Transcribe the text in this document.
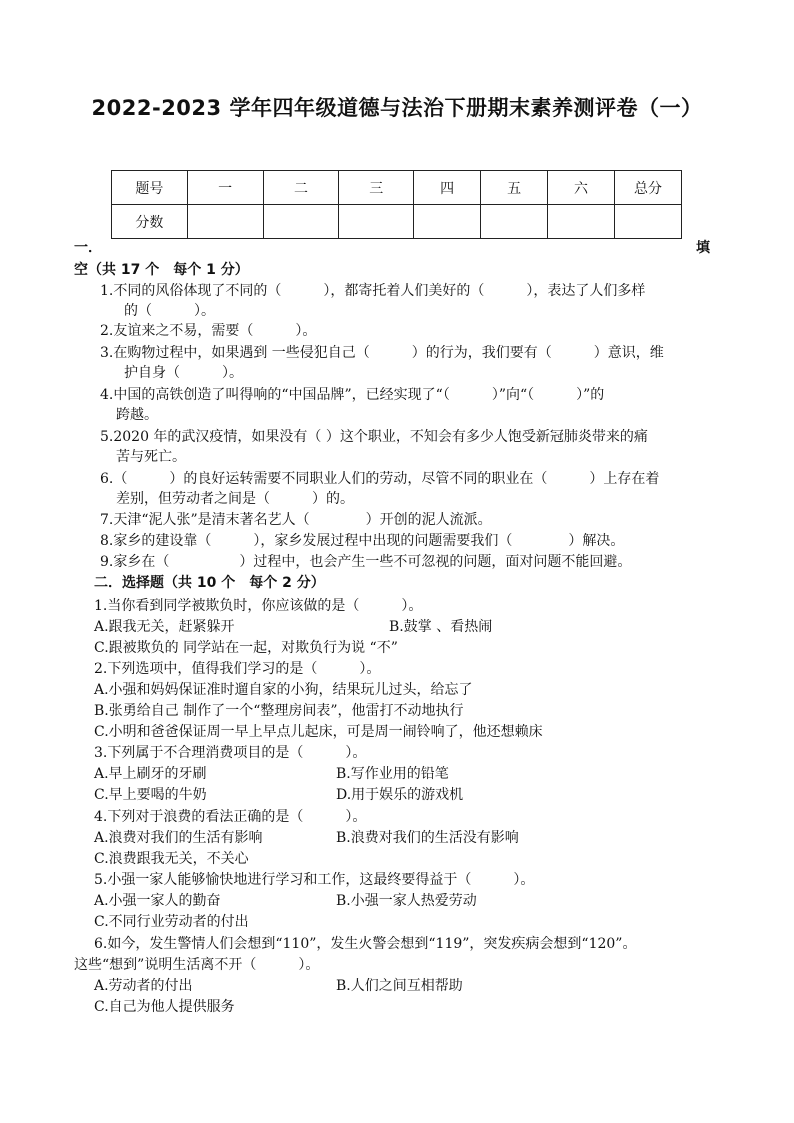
2022-2023 学年四年级道德与法治下册期末素养测评卷（一）
题号	一	二	三	四	五	六	总分
分数							
一．	填
空（共 17 个　每个 1 分）
1.不同的风俗体现了不同的（　　　），都寄托着人们美好的（　　　），表达了人们多样
的（　　　）。
2.友谊来之不易，需要（　　　）。
3.在购物过程中，如果遇到 一些侵犯自己（　　　）的行为，我们要有（　　　）意识，维
护自身（　　　）。
4.中国的高铁创造了叫得响的“中国品牌”，已经实现了“（　　　）”向“（　　　）”的
跨越。
5.2020 年的武汉疫情，如果没有（ ）这个职业，不知会有多少人饱受新冠肺炎带来的痛
苦与死亡。
6.（　　　）的良好运转需要不同职业人们的劳动，尽管不同的职业在（　　　）上存在着
差别，但劳动者之间是（　　　）的。
7.天津“泥人张”是清末著名艺人（　　　　）开创的泥人流派。
8.家乡的建设靠（　　　），家乡发展过程中出现的问题需要我们（　　　　）解决。
9.家乡在（　　　　　）过程中，也会产生一些不可忽视的问题，面对问题不能回避。
二．选择题（共 10 个　每个 2 分）
1.当你看到同学被欺负时，你应该做的是（　　　）。
A.跟我无关，赶紧躲开	B.鼓掌 、看热闹
C.跟被欺负的 同学站在一起，对欺负行为说 “不”
2.下列选项中，值得我们学习的是（　　　）。
A.小强和妈妈保证准时遛自家的小狗，结果玩儿过头，给忘了
B.张勇给自己 制作了一个“整理房间表”，他雷打不动地执行
C.小明和爸爸保证周一早上早点儿起床，可是周一闹铃响了，他还想赖床
3.下列属于不合理消费项目的是（　　　）。
A.早上刷牙的牙刷	B.写作业用的铅笔
C.早上要喝的牛奶	D.用于娱乐的游戏机
4.下列对于浪费的看法正确的是（　　　）。
A.浪费对我们的生活有影响	B.浪费对我们的生活没有影响
C.浪费跟我无关，不关心
5.小强一家人能够愉快地进行学习和工作，这最终要得益于（　　　）。
A.小强一家人的勤奋	B.小强一家人热爱劳动
C.不同行业劳动者的付出
6.如今，发生警情人们会想到“110”，发生火警会想到“119”，突发疾病会想到“120”。
这些“想到”说明生活离不开（　　　）。
A.劳动者的付出	B.人们之间互相帮助
C.自己为他人提供服务
